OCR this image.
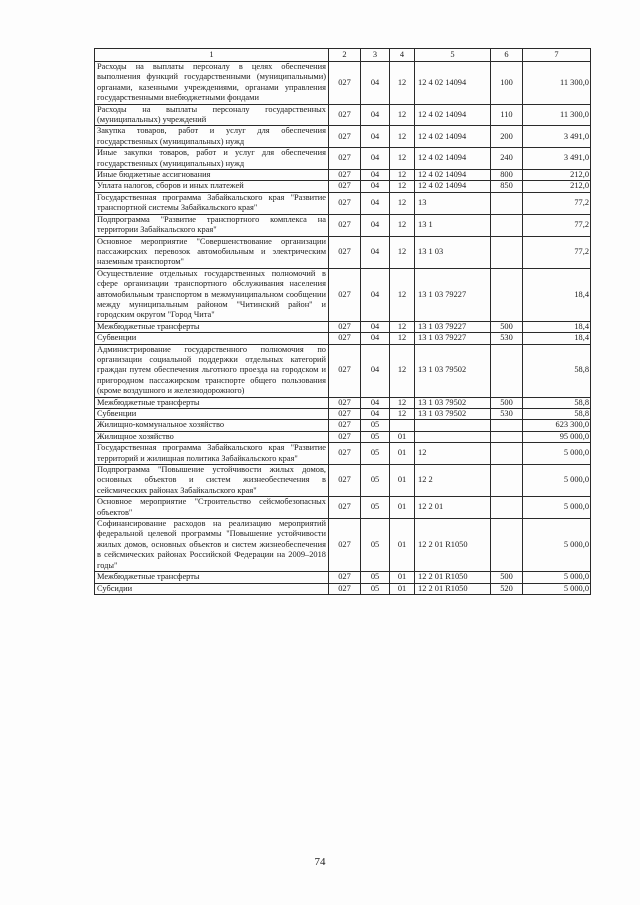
1	2	3	4	5	6	7
Расходы на выплаты персоналу в целях обеспечения выполнения функций государственными (муниципальными) органами, казенными учреждениями, органами управления государственными внебюджетными фондами	027	04	12	12 4 02 14094	100	11 300,0
Расходы на выплаты персоналу государственных (муниципальных) учреждений	027	04	12	12 4 02 14094	110	11 300,0
Закупка товаров, работ и услуг для обеспечения государственных (муниципальных) нужд	027	04	12	12 4 02 14094	200	3 491,0
Иные закупки товаров, работ и услуг для обеспечения государственных (муниципальных) нужд	027	04	12	12 4 02 14094	240	3 491,0
Иные бюджетные ассигнования	027	04	12	12 4 02 14094	800	212,0
Уплата налогов, сборов и иных платежей	027	04	12	12 4 02 14094	850	212,0
Государственная программа Забайкальского края "Развитие транспортной системы Забайкальского края"	027	04	12	13		77,2
Подпрограмма "Развитие транспортного комплекса на территории Забайкальского края"	027	04	12	13 1		77,2
Основное мероприятие "Совершенствование организации пассажирских перевозок автомобильным и электрическим наземным транспортом"	027	04	12	13 1 03		77,2
Осуществление отдельных государственных полномочий в сфере организации транспортного обслуживания населения автомобильным транспортом в межмуниципальном сообщении между муниципальным районом "Читинский район" и городским округом "Город Чита"	027	04	12	13 1 03 79227		18,4
Межбюджетные трансферты	027	04	12	13 1 03 79227	500	18,4
Субвенции	027	04	12	13 1 03 79227	530	18,4
Администрирование государственного полномочия по организации социальной поддержки отдельных категорий граждан путем обеспечения льготного проезда на городском и пригородном пассажирском транспорте общего пользования (кроме воздушного и железнодорожного)	027	04	12	13 1 03 79502		58,8
Межбюджетные трансферты	027	04	12	13 1 03 79502	500	58,8
Субвенции	027	04	12	13 1 03 79502	530	58,8
Жилищно-коммунальное хозяйство	027	05				623 300,0
Жилищное хозяйство	027	05	01			95 000,0
Государственная программа Забайкальского края "Развитие территорий и жилищная политика Забайкальского края"	027	05	01	12		5 000,0
Подпрограмма "Повышение устойчивости жилых домов, основных объектов и систем жизнеобеспечения в сейсмических районах Забайкальского края"	027	05	01	12 2		5 000,0
Основное мероприятие "Строительство сейсмобезопасных объектов"	027	05	01	12 2 01		5 000,0
Софинансирование расходов на реализацию мероприятий федеральной целевой программы "Повышение устойчивости жилых домов, основных объектов и систем жизнеобеспечения в сейсмических районах Российской Федерации на 2009–2018 годы"	027	05	01	12 2 01 R1050		5 000,0
Межбюджетные трансферты	027	05	01	12 2 01 R1050	500	5 000,0
Субсидии	027	05	01	12 2 01 R1050	520	5 000,0
74
